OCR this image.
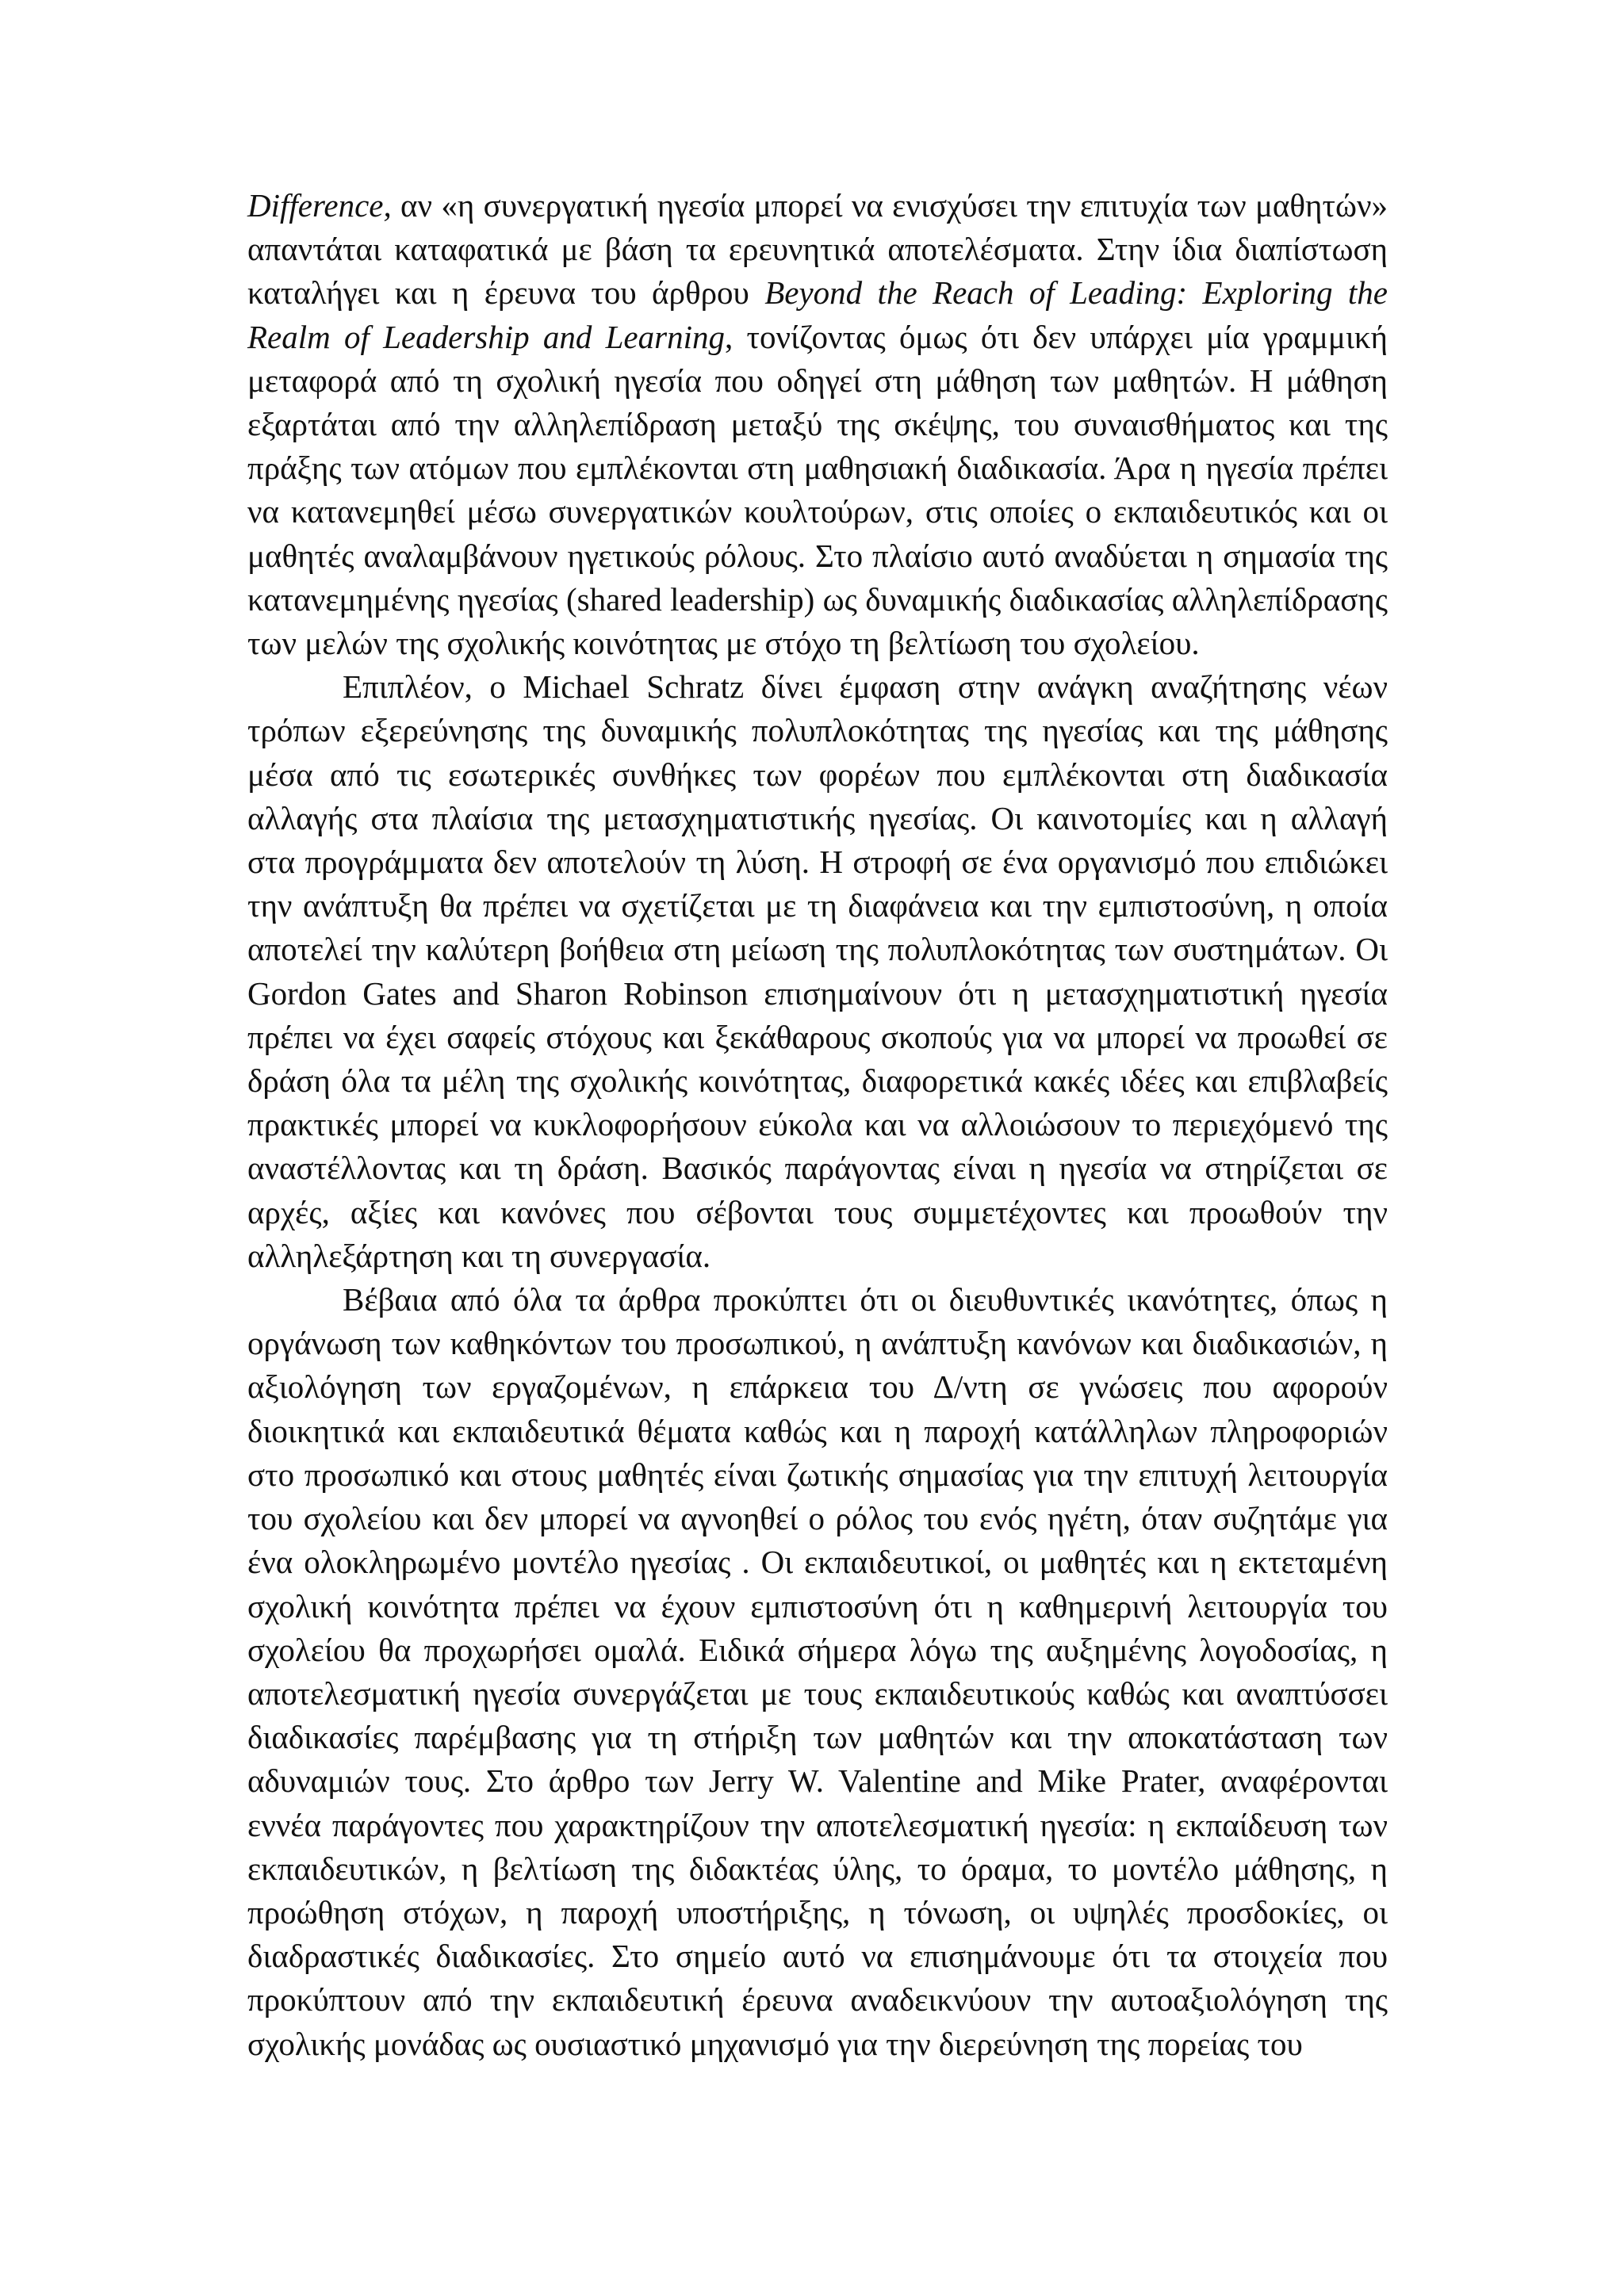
Difference, αν «η συνεργατική ηγεσία μπορεί να ενισχύσει την επιτυχία των μαθητών» απαντάται καταφατικά με βάση τα ερευνητικά αποτελέσματα. Στην ίδια διαπίστωση καταλήγει και η έρευνα του άρθρου Beyond the Reach of Leading: Exploring the Realm of Leadership and Learning, τονίζοντας όμως ότι δεν υπάρχει μία γραμμική μεταφορά από τη σχολική ηγεσία που οδηγεί στη μάθηση των μαθητών. Η μάθηση εξαρτάται από την αλληλεπίδραση μεταξύ της σκέψης, του συναισθήματος και της πράξης των ατόμων που εμπλέκονται στη μαθησιακή διαδικασία. Άρα η ηγεσία πρέπει να κατανεμηθεί μέσω συνεργατικών κουλτούρων, στις οποίες ο εκπαιδευτικός και οι μαθητές αναλαμβάνουν ηγετικούς ρόλους. Στο πλαίσιο αυτό αναδύεται η σημασία της κατανεμημένης ηγεσίας (shared leadership) ως δυναμικής διαδικασίας αλληλεπίδρασης των μελών της σχολικής κοινότητας με στόχο τη βελτίωση του σχολείου.

Επιπλέον, ο Michael Schratz δίνει έμφαση στην ανάγκη αναζήτησης νέων τρόπων εξερεύνησης της δυναμικής πολυπλοκότητας της ηγεσίας και της μάθησης μέσα από τις εσωτερικές συνθήκες των φορέων που εμπλέκονται στη διαδικασία αλλαγής στα πλαίσια της μετασχηματιστικής ηγεσίας. Οι καινοτομίες και η αλλαγή στα προγράμματα δεν αποτελούν τη λύση. Η στροφή σε ένα οργανισμό που επιδιώκει την ανάπτυξη θα πρέπει να σχετίζεται με τη διαφάνεια και την εμπιστοσύνη, η οποία αποτελεί την καλύτερη βοήθεια στη μείωση της πολυπλοκότητας των συστημάτων. Οι Gordon Gates and Sharon Robinson επισημαίνουν ότι η μετασχηματιστική ηγεσία πρέπει να έχει σαφείς στόχους και ξεκάθαρους σκοπούς για να μπορεί να προωθεί σε δράση όλα τα μέλη της σχολικής κοινότητας, διαφορετικά κακές ιδέες και επιβλαβείς πρακτικές μπορεί να κυκλοφορήσουν εύκολα και να αλλοιώσουν το περιεχόμενό της αναστέλλοντας και τη δράση. Βασικός παράγοντας είναι η ηγεσία να στηρίζεται σε αρχές, αξίες και κανόνες που σέβονται τους συμμετέχοντες και προωθούν την αλληλεξάρτηση και τη συνεργασία.

Βέβαια από όλα τα άρθρα προκύπτει ότι οι διευθυντικές ικανότητες, όπως η οργάνωση των καθηκόντων του προσωπικού, η ανάπτυξη κανόνων και διαδικασιών, η αξιολόγηση των εργαζομένων, η επάρκεια του Δ/ντη σε γνώσεις που αφορούν διοικητικά και εκπαιδευτικά θέματα καθώς και η παροχή κατάλληλων πληροφοριών στο προσωπικό και στους μαθητές είναι ζωτικής σημασίας για την επιτυχή λειτουργία του σχολείου και δεν μπορεί να αγνοηθεί ο ρόλος του ενός ηγέτη, όταν συζητάμε για ένα ολοκληρωμένο μοντέλο ηγεσίας . Οι εκπαιδευτικοί, οι μαθητές και η εκτεταμένη σχολική κοινότητα πρέπει να έχουν εμπιστοσύνη ότι η καθημερινή λειτουργία του σχολείου θα προχωρήσει ομαλά. Ειδικά σήμερα λόγω της αυξημένης λογοδοσίας, η αποτελεσματική ηγεσία συνεργάζεται με τους εκπαιδευτικούς καθώς και αναπτύσσει διαδικασίες παρέμβασης για τη στήριξη των μαθητών και την αποκατάσταση των αδυναμιών τους. Στο άρθρο των Jerry W. Valentine and Mike Prater, αναφέρονται εννέα παράγοντες που χαρακτηρίζουν την αποτελεσματική ηγεσία: η εκπαίδευση των εκπαιδευτικών, η βελτίωση της διδακτέας ύλης, το όραμα, το μοντέλο μάθησης, η προώθηση στόχων, η παροχή υποστήριξης, η τόνωση, οι υψηλές προσδοκίες, οι διαδραστικές διαδικασίες. Στο σημείο αυτό να επισημάνουμε ότι τα στοιχεία που προκύπτουν από την εκπαιδευτική έρευνα αναδεικνύουν την αυτοαξιολόγηση της σχολικής μονάδας ως ουσιαστικό μηχανισμό για την διερεύνηση της πορείας του
